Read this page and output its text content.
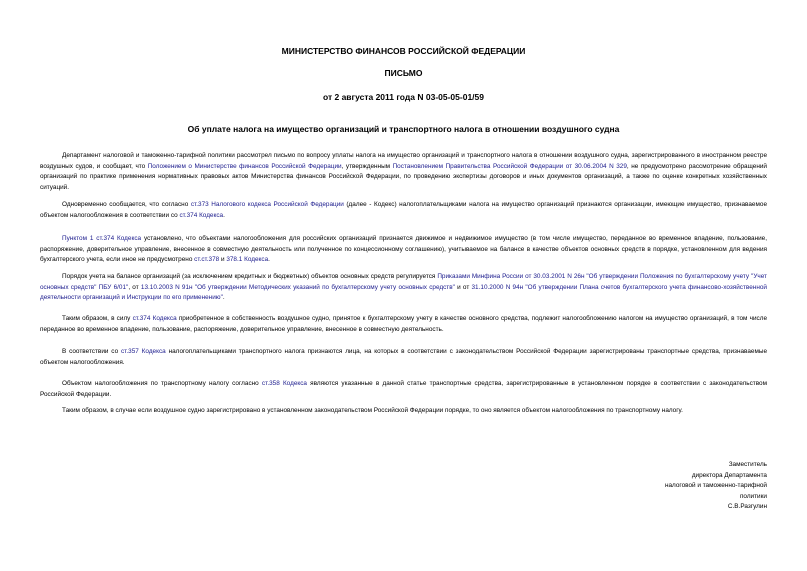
МИНИСТЕРСТВО ФИНАНСОВ РОССИЙСКОЙ ФЕДЕРАЦИИ
ПИСЬМО
от 2 августа 2011 года N 03-05-05-01/59
Об уплате налога на имущество организаций и транспортного налога в отношении воздушного судна

Департамент налоговой и таможенно-тарифной политики рассмотрел письмо по вопросу уплаты налога на имущество организаций и транспортного налога в отношении воздушного судна, зарегистрированного в иностранном реестре воздушных судов, и сообщает, что Положением о Министерстве финансов Российской Федерации, утвержденным Постановлением Правительства Российской Федерации от 30.06.2004 N 329, не предусмотрено рассмотрение обращений организаций по практике применения нормативных правовых актов Министерства финансов Российской Федерации, по проведению экспертизы договоров и иных документов организаций, а также по оценке конкретных хозяйственных ситуаций.

Одновременно сообщается, что согласно ст.373 Налогового кодекса Российской Федерации (далее - Кодекс) налогоплательщиками налога на имущество организаций признаются организации, имеющие имущество, признаваемое объектом налогообложения в соответствии со ст.374 Кодекса.

Пунктом 1 ст.374 Кодекса установлено, что объектами налогообложения для российских организаций признается движимое и недвижимое имущество (в том числе имущество, переданное во временное владение, пользование, распоряжение, доверительное управление, внесенное в совместную деятельность или полученное по концессионному соглашению), учитываемое на балансе в качестве объектов основных средств в порядке, установленном для ведения бухгалтерского учета, если иное не предусмотрено ст.ст.378 и 378.1 Кодекса.

Порядок учета на балансе организаций (за исключением кредитных и бюджетных) объектов основных средств регулируется Приказами Минфина России от 30.03.2001 N 26н "Об утверждении Положения по бухгалтерскому учету "Учет основных средств" ПБУ 6/01", от 13.10.2003 N 91н "Об утверждении Методических указаний по бухгалтерскому учету основных средств" и от 31.10.2000 N 94н "Об утверждении Плана счетов бухгалтерского учета финансово-хозяйственной деятельности организаций и Инструкции по его применению".

Таким образом, в силу ст.374 Кодекса приобретенное в собственность воздушное судно, принятое к бухгалтерскому учету в качестве основного средства, подлежит налогообложению налогом на имущество организаций, в том числе переданное во временное владение, пользование, распоряжение, доверительное управление, внесенное в совместную деятельность.

В соответствии со ст.357 Кодекса налогоплательщиками транспортного налога признаются лица, на которых в соответствии с законодательством Российской Федерации зарегистрированы транспортные средства, признаваемые объектом налогообложения.

Объектом налогообложения по транспортному налогу согласно ст.358 Кодекса являются указанные в данной статье транспортные средства, зарегистрированные в установленном порядке в соответствии с законодательством Российской Федерации.

Таким образом, в случае если воздушное судно зарегистрировано в установленном законодательством Российской Федерации порядке, то оно является объектом налогообложения по транспортному налогу.

Заместитель
директора Департамента
налоговой и таможенно-тарифной
политики
С.В.Разгулин
